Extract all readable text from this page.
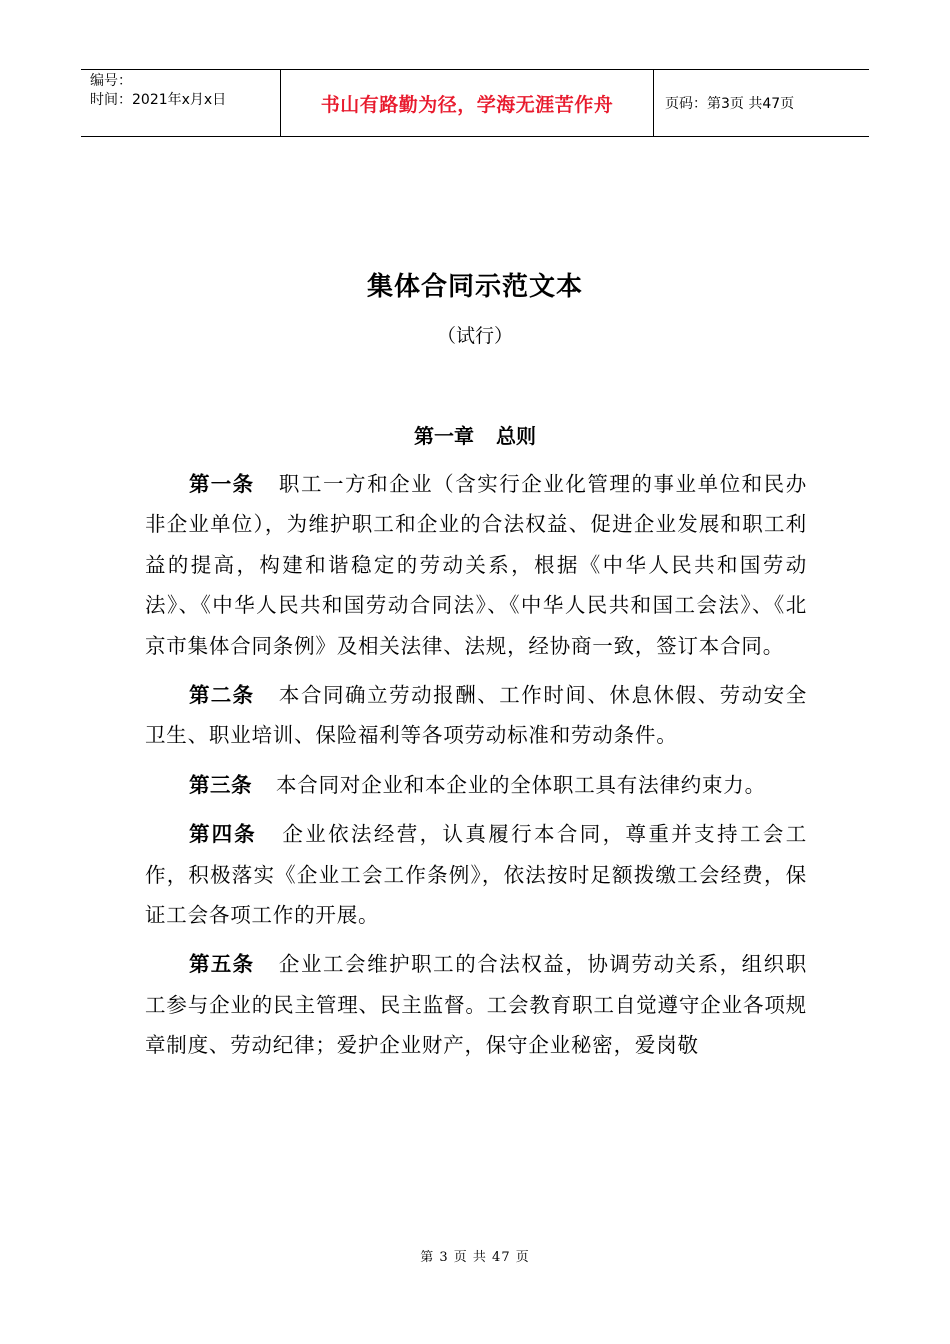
编号：
时间：2021年x月x日	书山有路勤为径，学海无涯苦作舟	页码：第3页 共47页
集体合同示范文本
（试行）
第一章 总则

第一条 职工一方和企业（含实行企业化管理的事业单位和民办非企业单位），为维护职工和企业的合法权益、促进企业发展和职工利益的提高，构建和谐稳定的劳动关系，根据《中华人民共和国劳动法》、《中华人民共和国劳动合同法》、《中华人民共和国工会法》、《北京市集体合同条例》及相关法律、法规，经协商一致，签订本合同。

第二条 本合同确立劳动报酬、工作时间、休息休假、劳动安全卫生、职业培训、保险福利等各项劳动标准和劳动条件。

第三条 本合同对企业和本企业的全体职工具有法律约束力。

第四条 企业依法经营，认真履行本合同，尊重并支持工会工作，积极落实《企业工会工作条例》，依法按时足额拨缴工会经费，保证工会各项工作的开展。

第五条 企业工会维护职工的合法权益，协调劳动关系，组织职工参与企业的民主管理、民主监督。工会教育职工自觉遵守企业各项规章制度、劳动纪律；爱护企业财产，保守企业秘密，爱岗敬

第 3 页 共 47 页
